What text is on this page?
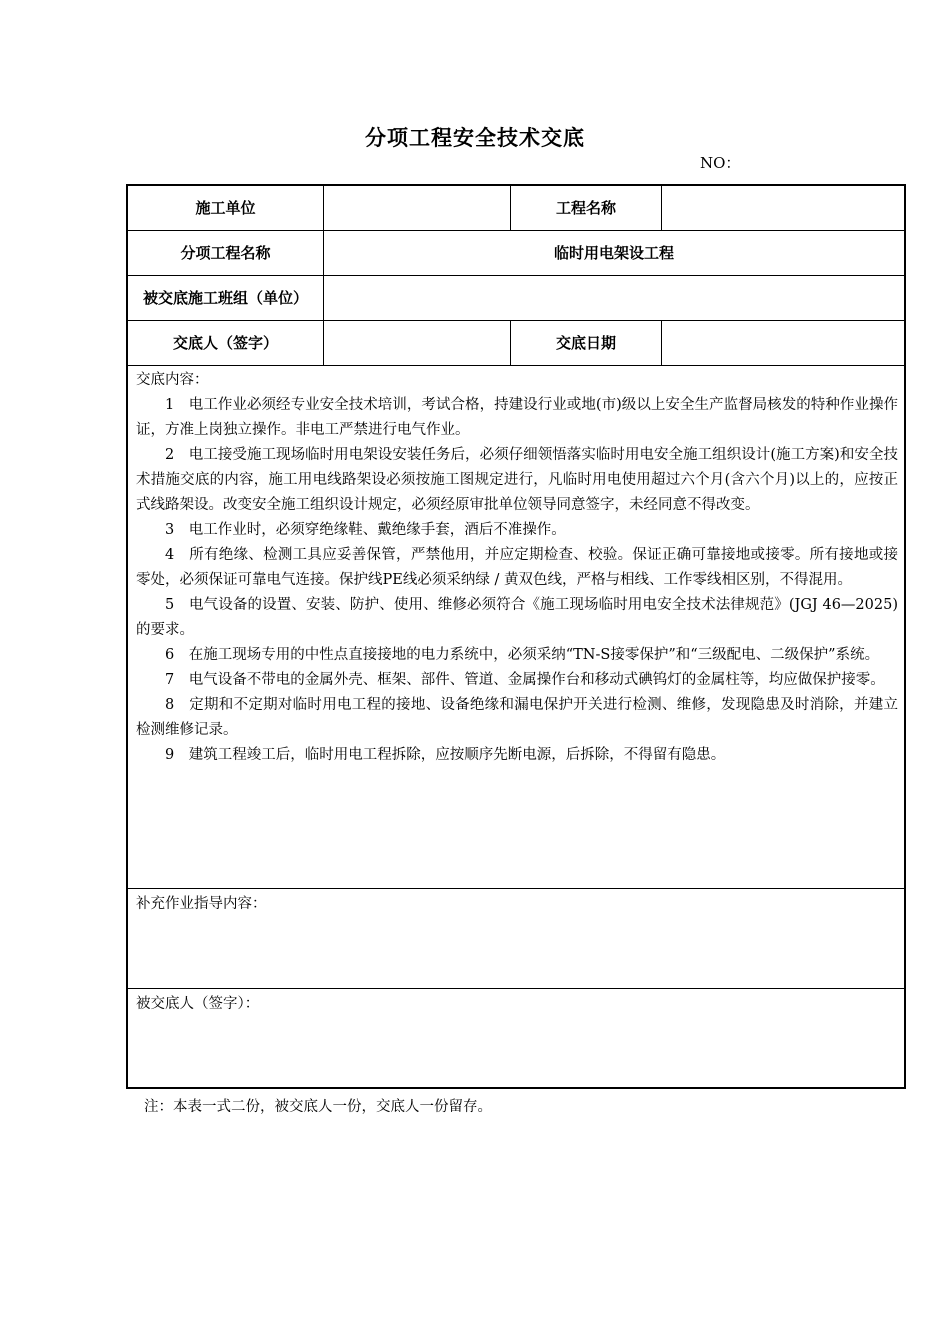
分项工程安全技术交底
NO：
施工单位	工程名称
分项工程名称	临时用电架设工程
被交底施工班组（单位）
交底人（签字）	交底日期
交底内容：

1　电工作业必须经专业安全技术培训，考试合格，持建设行业或地(市)级以上安全生产监督局核发的特种作业操作证，方准上岗独立操作。非电工严禁进行电气作业。

2　电工接受施工现场临时用电架设安装任务后，必须仔细领悟落实临时用电安全施工组织设计(施工方案)和安全技术措施交底的内容，施工用电线路架设必须按施工图规定进行，凡临时用电使用超过六个月(含六个月)以上的，应按正式线路架设。改变安全施工组织设计规定，必须经原审批单位领导同意签字，未经同意不得改变。

3　电工作业时，必须穿绝缘鞋、戴绝缘手套，酒后不准操作。

4　所有绝缘、检测工具应妥善保管，严禁他用，并应定期检查、校验。保证正确可靠接地或接零。所有接地或接零处，必须保证可靠电气连接。保护线PE线必须采纳绿 / 黄双色线，严格与相线、工作零线相区别，不得混用。

5　电气设备的设置、安装、防护、使用、维修必须符合《施工现场临时用电安全技术法律规范》(JGJ 46—2025)的要求。

6　在施工现场专用的中性点直接接地的电力系统中，必须采纳“TN-S接零保护”和“三级配电、二级保护”系统。

7　电气设备不带电的金属外壳、框架、部件、管道、金属操作台和移动式碘钨灯的金属柱等，均应做保护接零。

8　定期和不定期对临时用电工程的接地、设备绝缘和漏电保护开关进行检测、维修，发现隐患及时消除，并建立检测维修记录。

9　建筑工程竣工后，临时用电工程拆除，应按顺序先断电源，后拆除，不得留有隐患。

补充作业指导内容：
被交底人（签字）：
注：本表一式二份，被交底人一份，交底人一份留存。
